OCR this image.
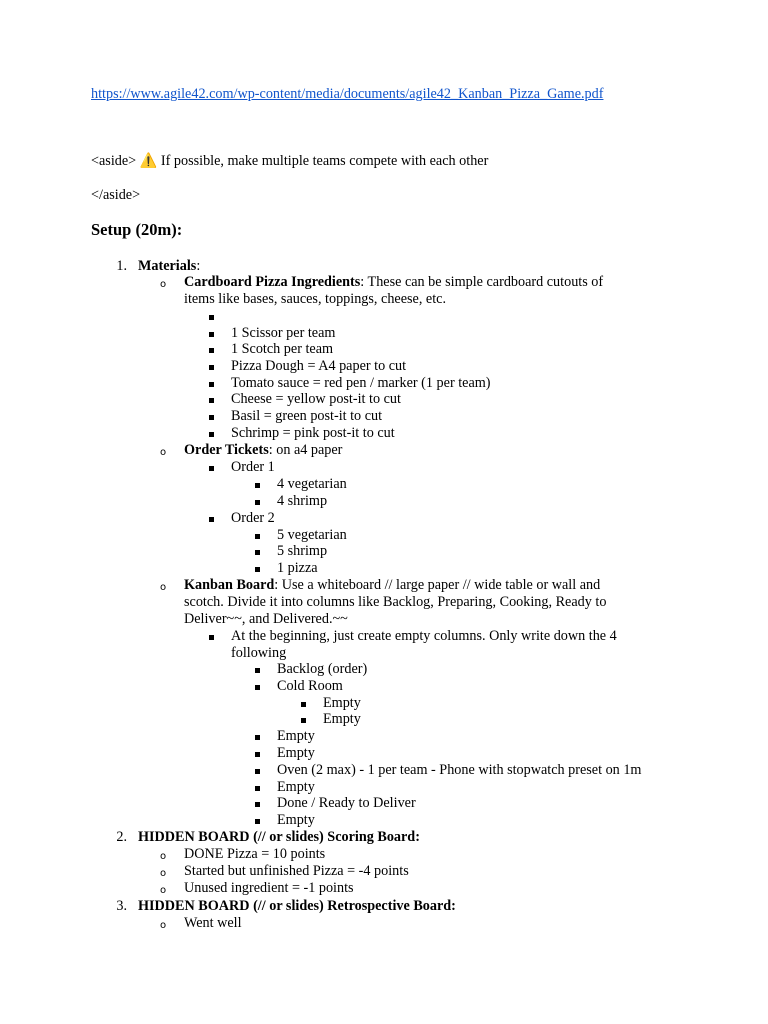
https://www.agile42.com/wp-content/media/documents/agile42_Kanban_Pizza_Game.pdf
<aside> ⚠️ If possible, make multiple teams compete with each other
</aside>
Setup (20m):
1. Materials:
o Cardboard Pizza Ingredients: These can be simple cardboard cutouts of
items like bases, sauces, toppings, cheese, etc.
1 Scissor per team
1 Scotch per team
Pizza Dough = A4 paper to cut
Tomato sauce = red pen / marker (1 per team)
Cheese = yellow post-it to cut
Basil = green post-it to cut
Schrimp = pink post-it to cut
o Order Tickets: on a4 paper
Order 1
4 vegetarian
4 shrimp
Order 2
5 vegetarian
5 shrimp
1 pizza
o Kanban Board: Use a whiteboard // large paper // wide table or wall and
scotch. Divide it into columns like Backlog, Preparing, Cooking, Ready to
Deliver~~, and Delivered.~~
At the beginning, just create empty columns. Only write down the 4
following
Backlog (order)
Cold Room
Empty
Empty
Empty
Empty
Oven (2 max) - 1 per team - Phone with stopwatch preset on 1m
Empty
Done / Ready to Deliver
Empty
2. HIDDEN BOARD (// or slides) Scoring Board:
o DONE Pizza = 10 points
o Started but unfinished Pizza = -4 points
o Unused ingredient = -1 points
3. HIDDEN BOARD (// or slides) Retrospective Board:
o Went well
